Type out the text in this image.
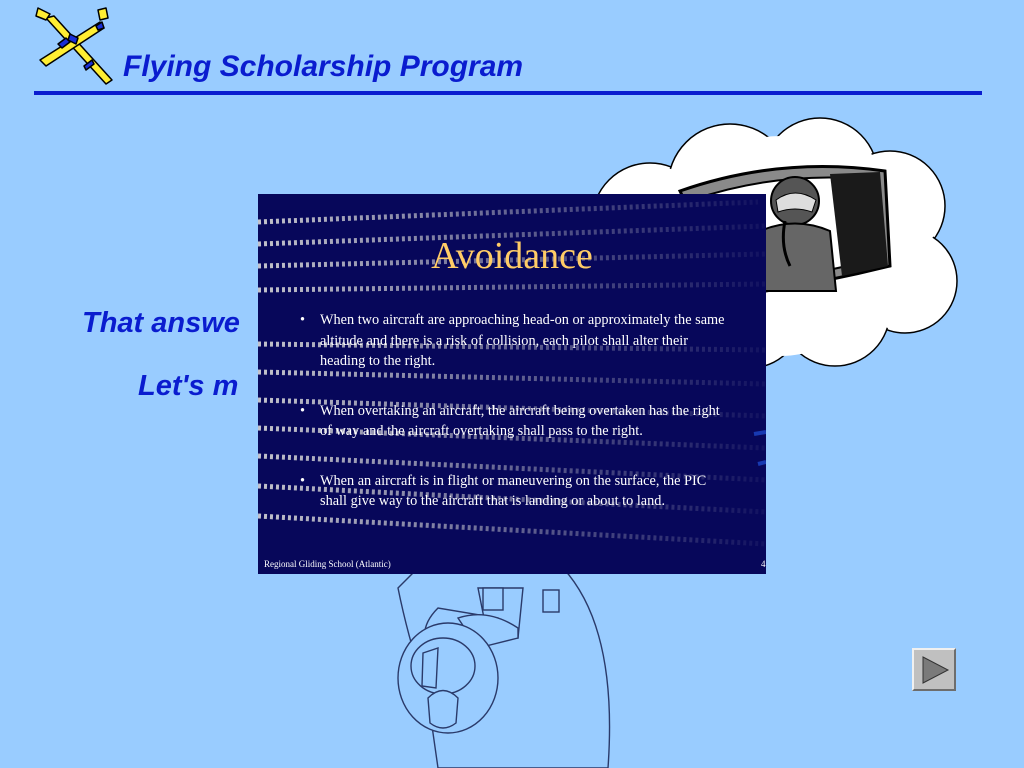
Flying Scholarship Program
That answe
Let's m
Avoidance
• When two aircraft are approaching head-on or approximately the same altitude and there is a risk of collision, each pilot shall alter their heading to the right.
• When overtaking an aircraft, the aircraft being overtaken has the right of way and the aircraft overtaking shall pass to the right.
• When an aircraft is in flight or maneuvering on the surface, the PIC shall give way to the aircraft that is landing or about to land.
Regional Gliding School (Atlantic)	4
